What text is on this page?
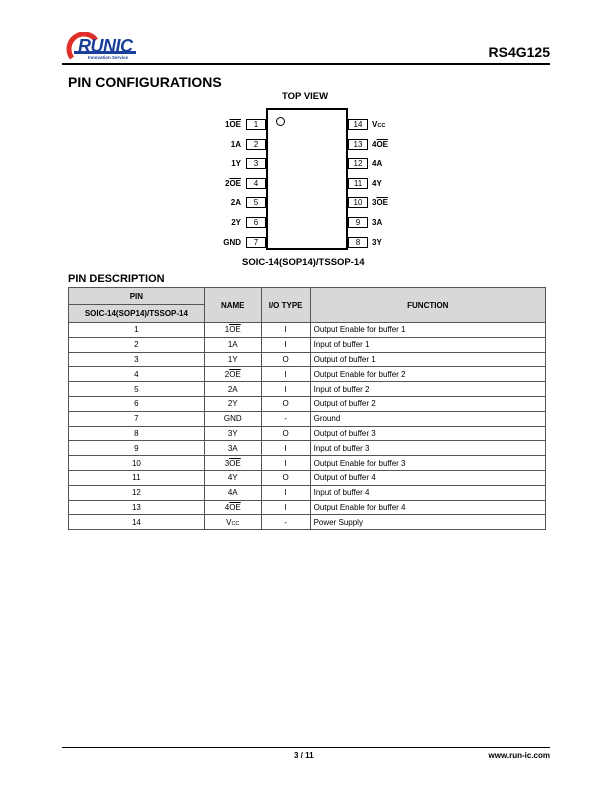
RUNIC
Innovation Service	RS4G125
PIN CONFIGURATIONS
TOP VIEW
1
$1\overline{OE}$
2
1A
3
1Y
4
$2\overline{OE}$
5
2A
6
2Y
7
GND
14	VCC
13	$4\overline{OE}$
12	4A
11	4Y
10	$3\overline{OE}$
9	3A
8	3Y
SOIC-14(SOP14)/TSSOP-14
PIN DESCRIPTION
PIN	NAME	I/O TYPE	FUNCTION
SOIC-14(SOP14)/TSSOP-14			
1	$1\overline{OE}$	I	Output Enable for buffer 1
2	1A	I	Input of buffer 1
3	1Y	O	Output of buffer 1
4	$2\overline{OE}$	I	Output Enable for buffer 2
5	2A	I	Input of buffer 2
6	2Y	O	Output of buffer 2
7	GND	-	Ground
8	3Y	O	Output of buffer 3
9	3A	I	Input of buffer 3
10	$3\overline{OE}$	I	Output Enable for buffer 3
11	4Y	O	Output of buffer 4
12	4A	I	Input of buffer 4
13	$4\overline{OE}$	I	Output Enable for buffer 4
14	VCC	-	Power Supply
3 / 11	www.run-ic.com
